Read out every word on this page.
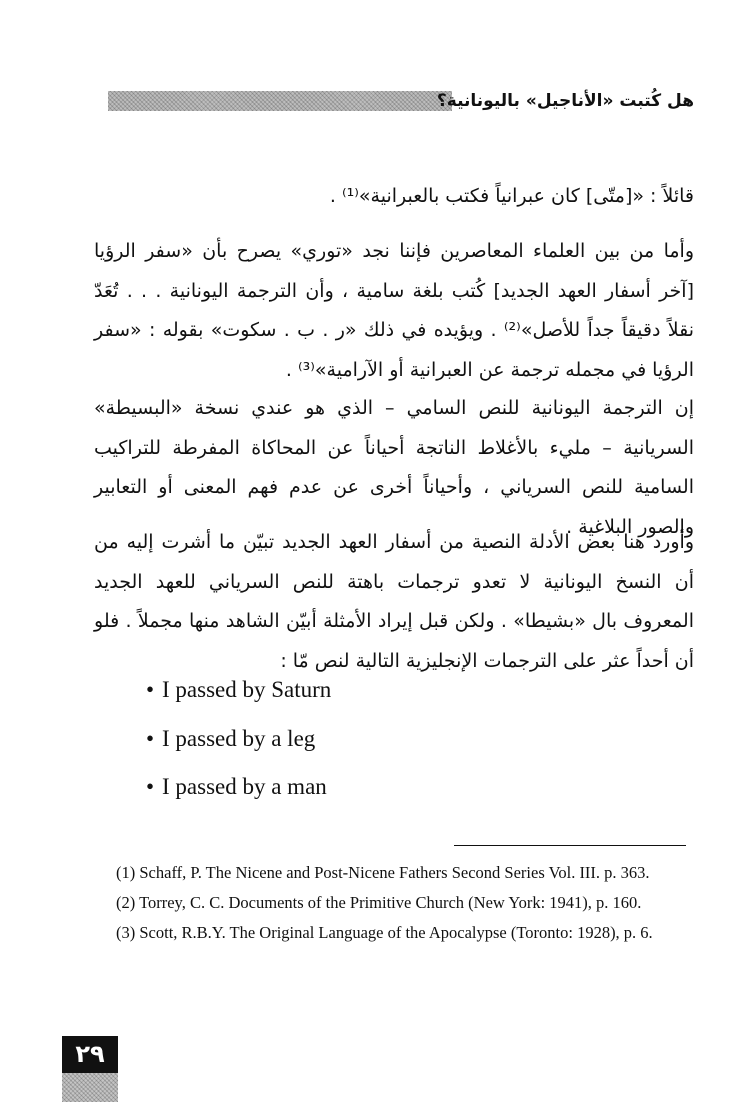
هل كُتبت «الأناجيل» باليونانية؟

قائلاً : «[متّى] كان عبرانياً فكتب بالعبرانية»⁽¹⁾ .

وأما من بين العلماء المعاصرين فإننا نجد «توري» يصرح بأن «سفر الرؤيا [آخر أسفار العهد الجديد] كُتب بلغة سامية ، وأن الترجمة اليونانية . . . تُعَدّ نقلاً دقيقاً جداً للأصل»⁽²⁾ . ويؤيده في ذلك «ر . ب . سكوت» بقوله : «سفر الرؤيا في مجمله ترجمة عن العبرانية أو الآرامية»⁽³⁾ .

إن الترجمة اليونانية للنص السامي – الذي هو عندي نسخة «البسيطة» السريانية – مليء بالأغلاط الناتجة أحياناً عن المحاكاة المفرطة للتراكيب السامية للنص السرياني ، وأحياناً أخرى عن عدم فهم المعنى أو التعابير والصور البلاغية .

وأورد هنا بعض الأدلة النصية من أسفار العهد الجديد تبيّن ما أشرت إليه من أن النسخ اليونانية لا تعدو ترجمات باهتة للنص السرياني للعهد الجديد المعروف بال «بشيطا» . ولكن قبل إيراد الأمثلة أبيّن الشاهد منها مجملاً . فلو أن أحداً عثر على الترجمات الإنجليزية التالية لنص مّا :

• I passed by Saturn
• I passed by a leg
• I passed by a man
(1) Schaff, P. The Nicene and Post-Nicene Fathers Second Series Vol. III. p. 363.
(2) Torrey, C. C. Documents of the Primitive Church (New York: 1941), p. 160.
(3) Scott, R.B.Y. The Original Language of the Apocalypse (Toronto: 1928), p. 6.
٢٩
